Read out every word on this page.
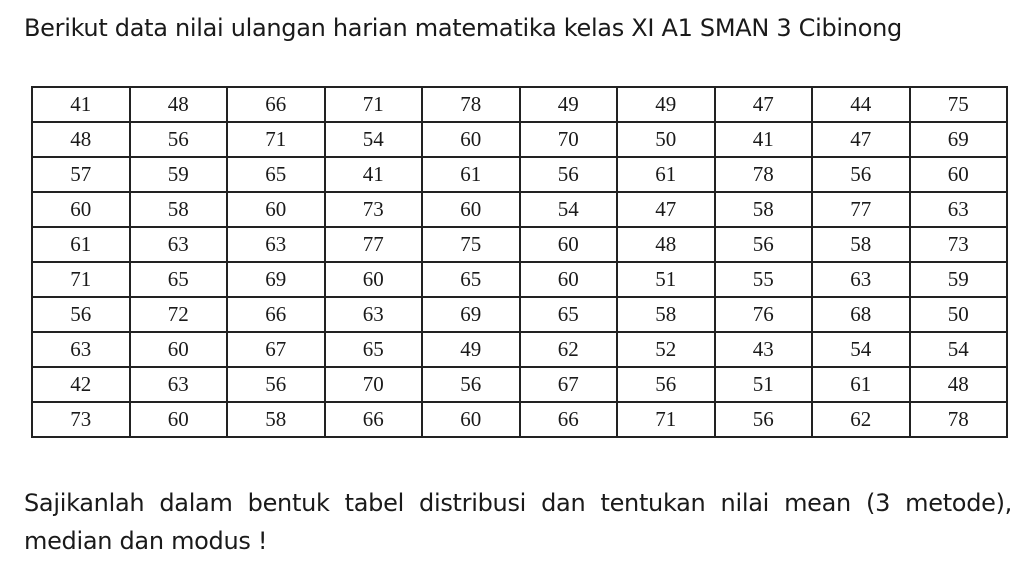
Berikut data nilai ulangan harian matematika kelas XI A1 SMAN 3 Cibinong
41	48	66	71	78	49	49	47	44	75
48	56	71	54	60	70	50	41	47	69
57	59	65	41	61	56	61	78	56	60
60	58	60	73	60	54	47	58	77	63
61	63	63	77	75	60	48	56	58	73
71	65	69	60	65	60	51	55	63	59
56	72	66	63	69	65	58	76	68	50
63	60	67	65	49	62	52	43	54	54
42	63	56	70	56	67	56	51	61	48
73	60	58	66	60	66	71	56	62	78
Sajikanlah dalam bentuk tabel distribusi dan tentukan nilai mean (3 metode), median dan modus !
